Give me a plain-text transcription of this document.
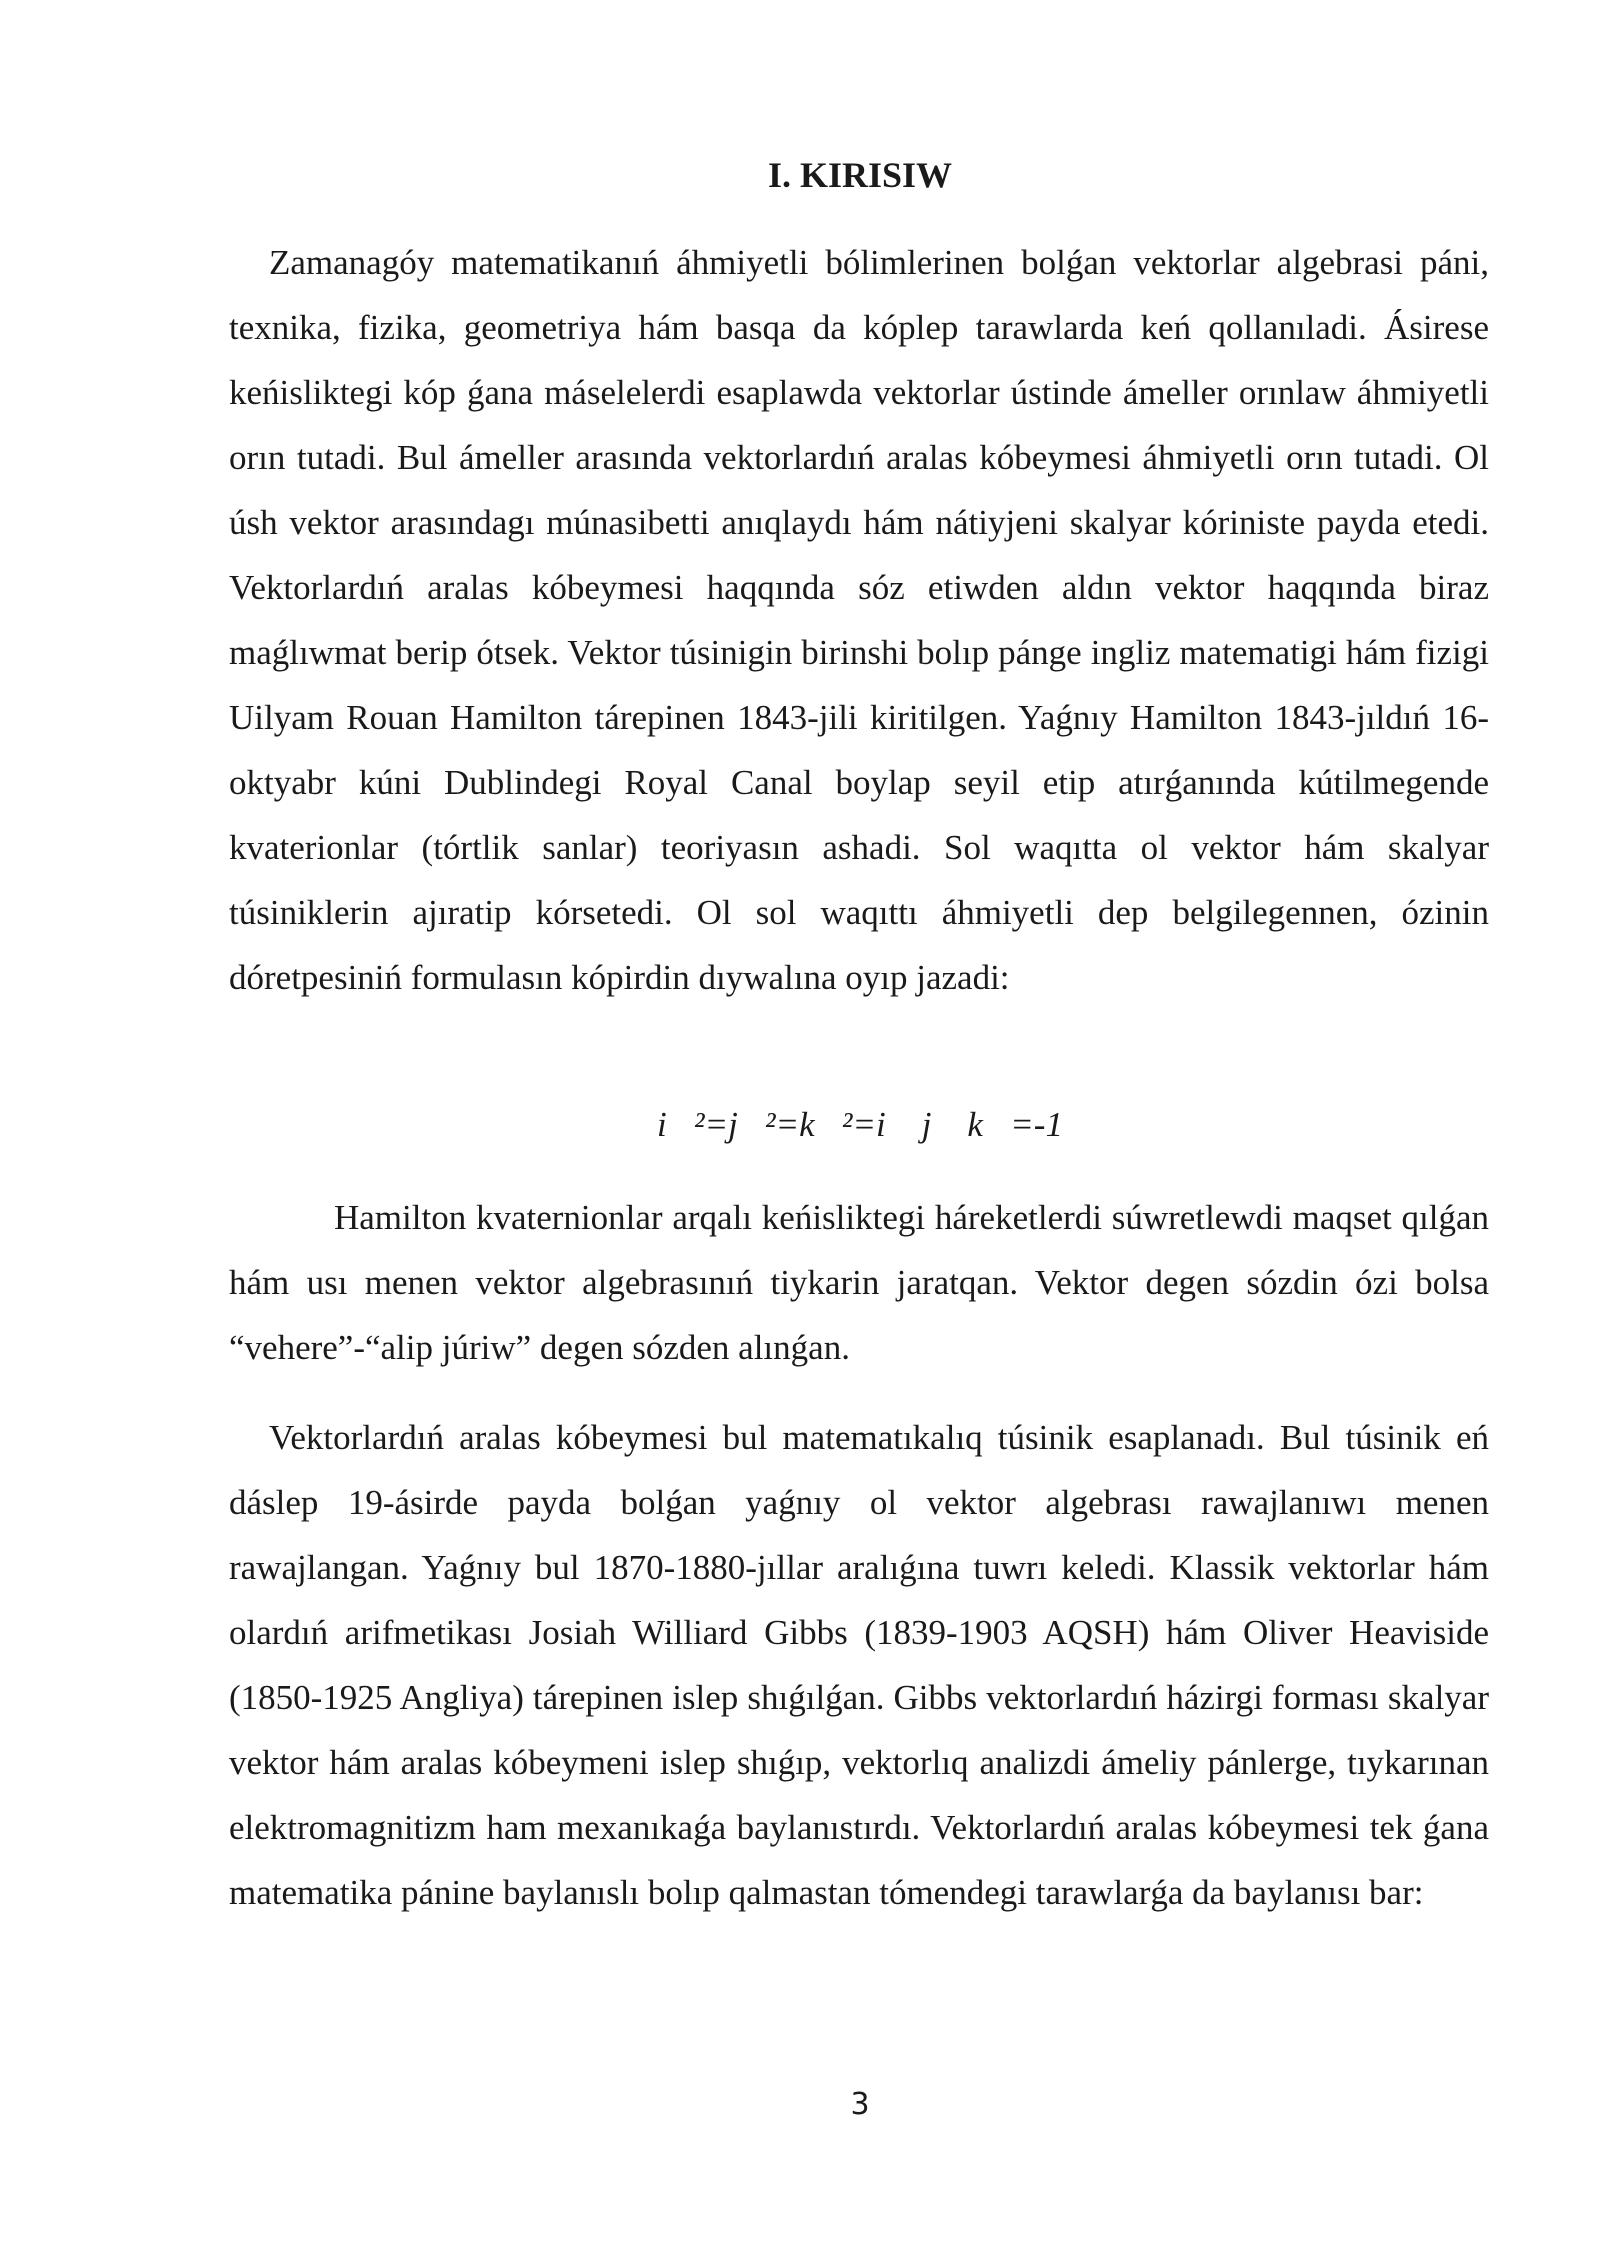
I. KIRISIW

Zamanagóy matematikanıń áhmiyetli bólimlerinen bolǵan vektorlar algebrasi páni, texnika, fizika, geometriya hám basqa da kóplep tarawlarda keń qollanıladi. Ásirese keńisliktegi kóp ǵana máselelerdi esaplawda vektorlar ústinde ámeller orınlaw áhmiyetli orın tutadi. Bul ámeller arasında vektorlardıń aralas kóbeymesi áhmiyetli orın tutadi. Ol úsh vektor arasındagı múnasibetti anıqlaydı hám nátiyjeni skalyar kóriniste payda etedi. Vektorlardıń aralas kóbeymesi haqqında sóz etiwden aldın vektor haqqında biraz maǵlıwmat berip ótsek. Vektor túsinigin birinshi bolıp pánge ingliz matematigi hám fizigi Uilyam Rouan Hamilton tárepinen 1843-jili kiritilgen. Yaǵnıy Hamilton 1843-jıldıń 16-oktyabr kúni Dublindegi Royal Canal boylap seyil etip atırǵanında kútilmegende kvaterionlar (tórtlik sanlar) teoriyasın ashadi. Sol waqıtta ol vektor hám skalyar túsiniklerin ajıratip kórsetedi. Ol sol waqıttı áhmiyetli dep belgilegennen, ózinin dóretpesiniń formulasın kópirdin dıywalına oyıp jazadi:

i⃗²=j⃗²=k⃗²=i⃗ j⃗ k⃗=-1

Hamilton kvaternionlar arqalı keńisliktegi háreketlerdi súwretlewdi maqset qılǵan hám usı menen vektor algebrasınıń tiykarin jaratqan. Vektor degen sózdin ózi bolsa “vehere”-“alip júriw” degen sózden alınǵan.

Vektorlardıń aralas kóbeymesi bul matematıkalıq túsinik esaplanadı. Bul túsinik eń dáslep 19-ásirde payda bolǵan yaǵnıy ol vektor algebrası rawajlanıwı menen rawajlangan. Yaǵnıy bul 1870-1880-jıllar aralıǵına tuwrı keledi. Klassik vektorlar hám olardıń arifmetikası Josiah Williard Gibbs (1839-1903 AQSH) hám Oliver Heaviside (1850-1925 Angliya) tárepinen islep shıǵılǵan. Gibbs vektorlardıń házirgi forması skalyar vektor hám aralas kóbeymeni islep shıǵıp, vektorlıq analizdi ámeliy pánlerge, tıykarınan elektromagnitizm ham mexanıkaǵa baylanıstırdı. Vektorlardıń aralas kóbeymesi tek ǵana matematika pánine baylanıslı bolıp qalmastan tómendegi tarawlarǵa da baylanısı bar:

3
